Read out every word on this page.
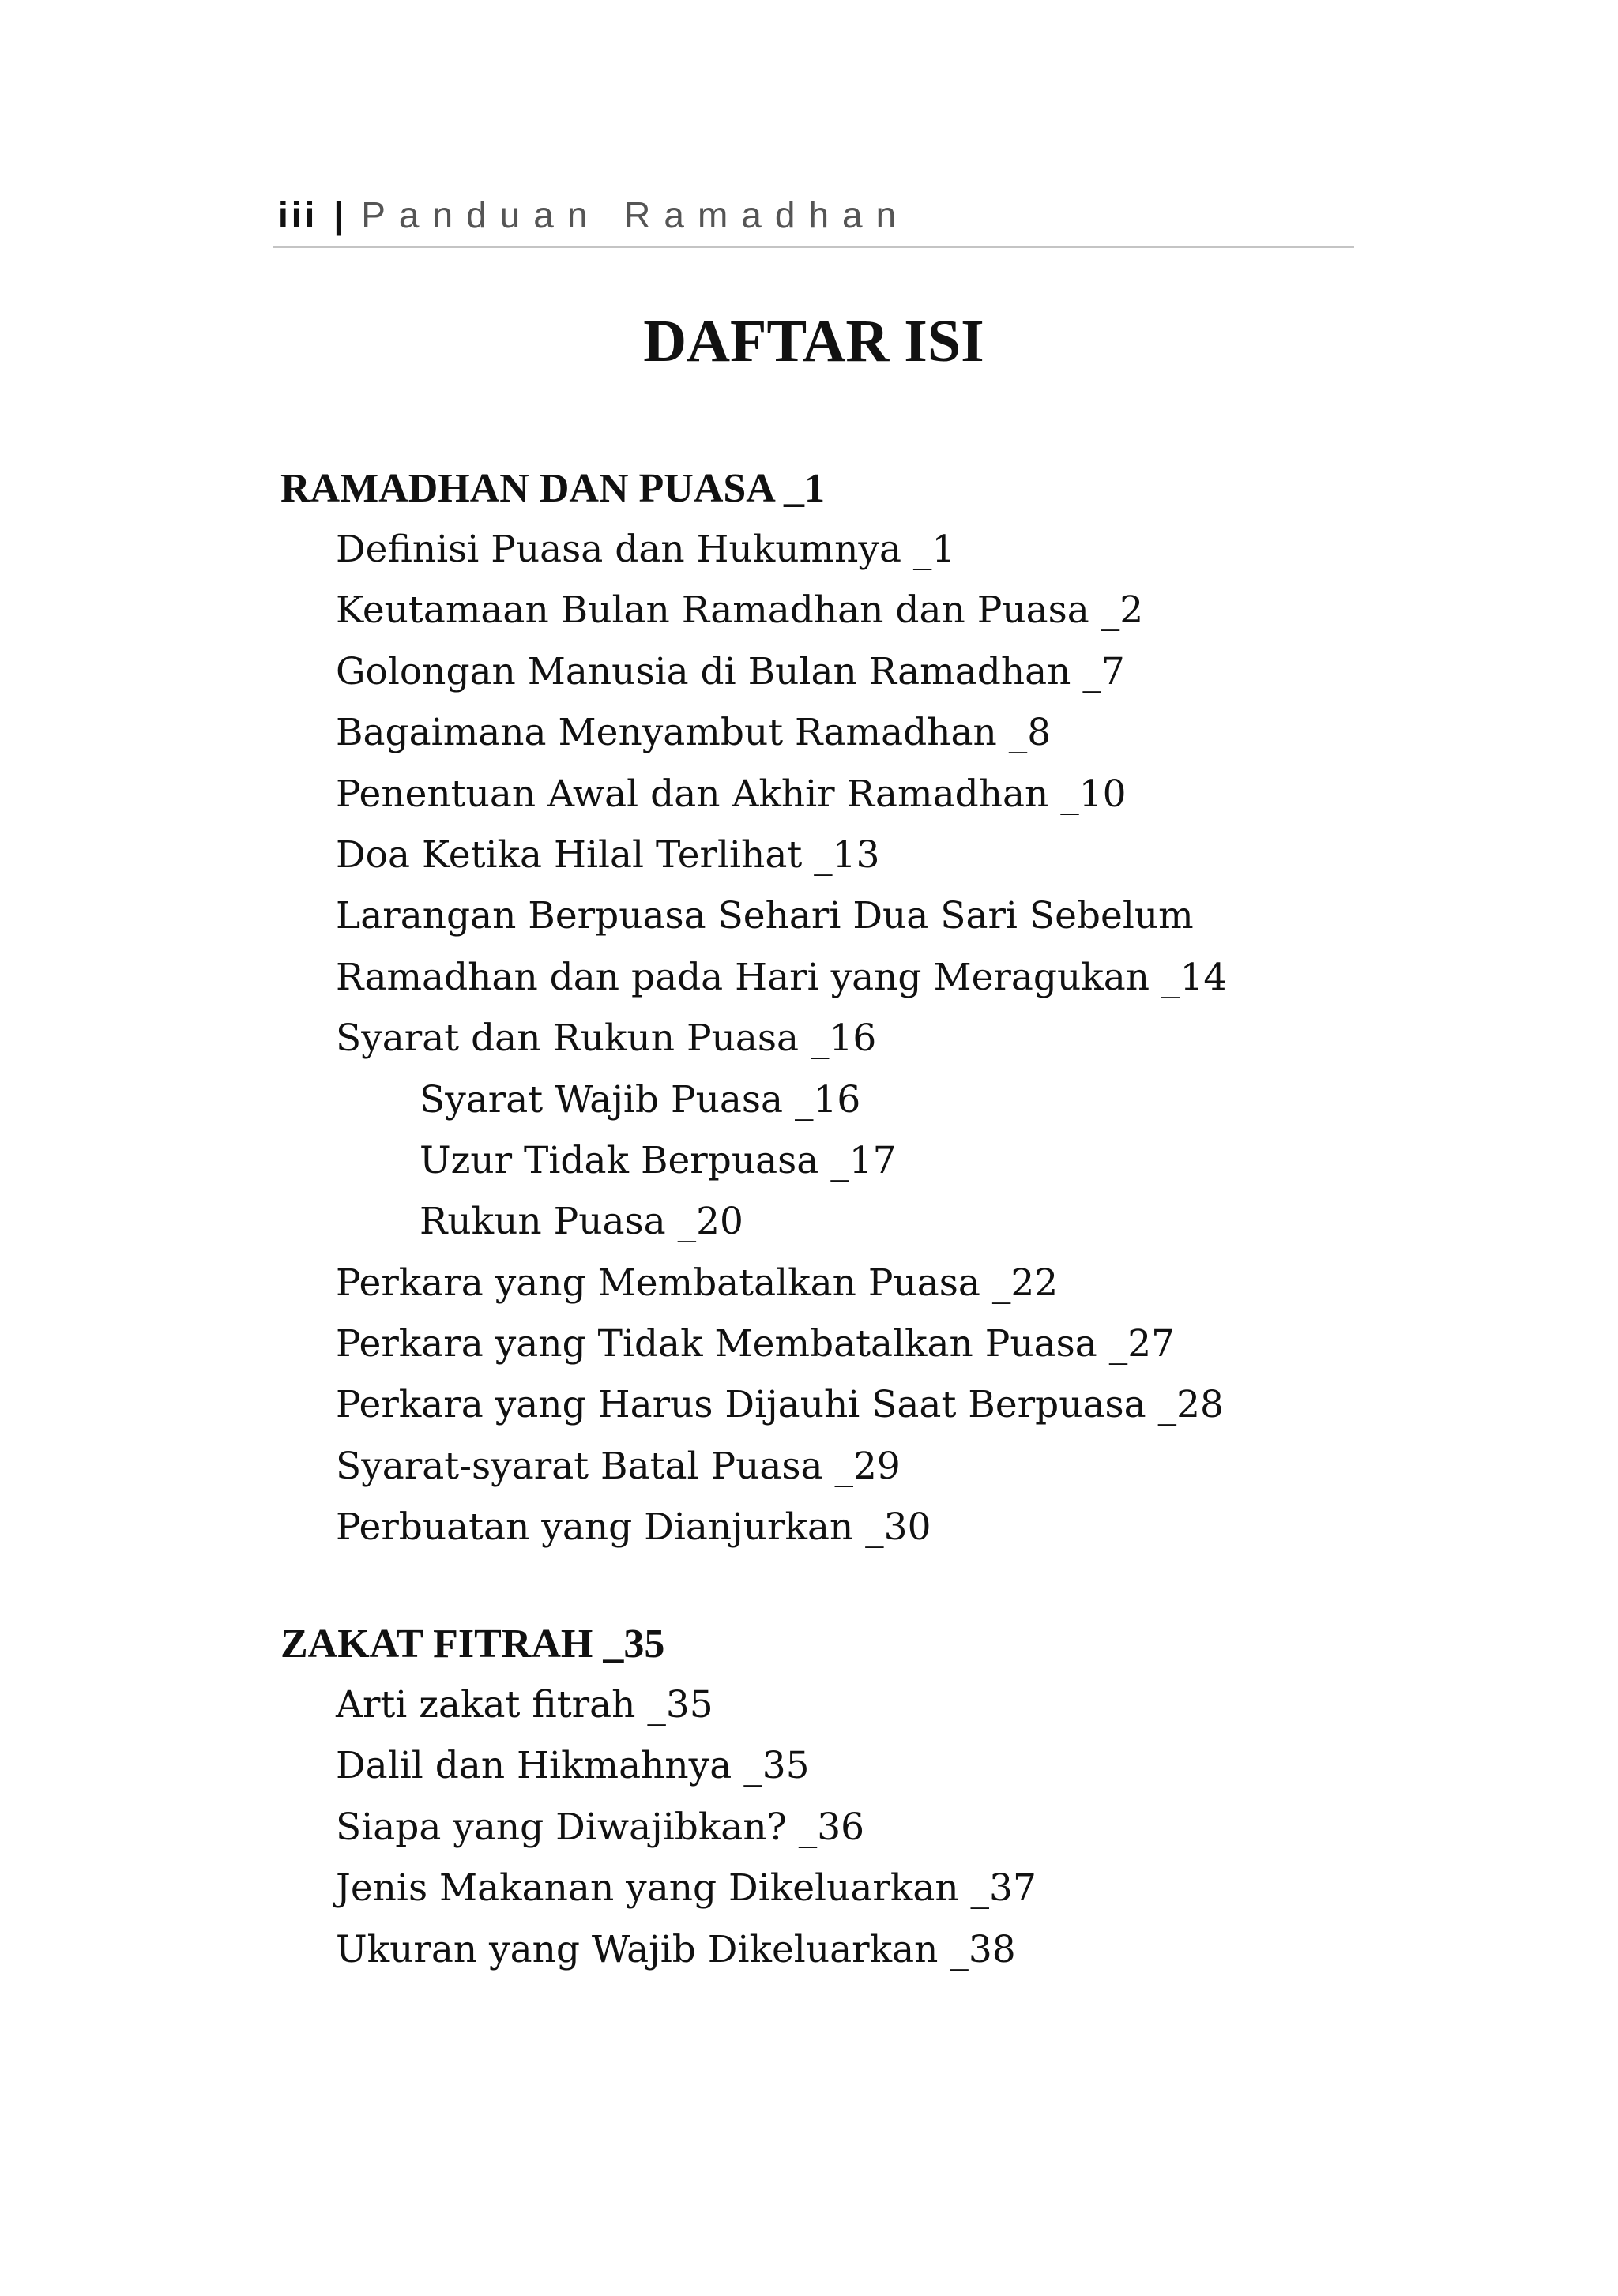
iii | Panduan Ramadhan
DAFTAR ISI
RAMADHAN DAN PUASA _1
Definisi Puasa dan Hukumnya _1
Keutamaan Bulan Ramadhan dan Puasa _2
Golongan Manusia di Bulan Ramadhan _7
Bagaimana Menyambut Ramadhan _8
Penentuan Awal dan Akhir Ramadhan _10
Doa Ketika Hilal Terlihat _13
Larangan Berpuasa Sehari Dua Sari Sebelum
Ramadhan dan pada Hari yang Meragukan _14
Syarat dan Rukun Puasa _16
Syarat Wajib Puasa _16
Uzur Tidak Berpuasa _17
Rukun Puasa _20
Perkara yang Membatalkan Puasa _22
Perkara yang Tidak Membatalkan Puasa _27
Perkara yang Harus Dijauhi Saat Berpuasa _28
Syarat-syarat Batal Puasa _29
Perbuatan yang Dianjurkan _30
ZAKAT FITRAH _35
Arti zakat fitrah _35
Dalil dan Hikmahnya _35
Siapa yang Diwajibkan? _36
Jenis Makanan yang Dikeluarkan _37
Ukuran yang Wajib Dikeluarkan _38
